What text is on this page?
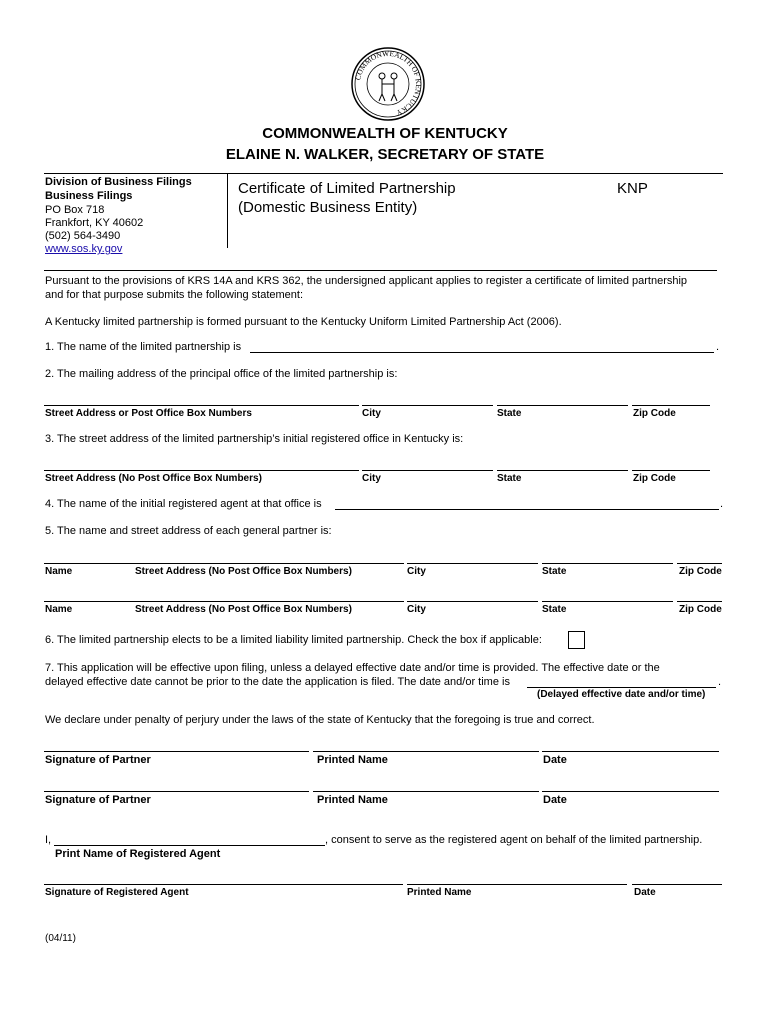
COMMONWEALTH OF KENTUCKY
COMMONWEALTH OF KENTUCKY
ELAINE N. WALKER, SECRETARY OF STATE
Division of Business Filings
Business Filings
PO Box 718
Frankfort, KY 40602
(502) 564-3490
www.sos.ky.gov
Certificate of Limited Partnership
(Domestic Business Entity)
KNP
Pursuant to the provisions of KRS 14A and KRS 362, the undersigned applicant applies to register a certificate of limited partnership
and for that purpose submits the following statement:
A Kentucky limited partnership is formed pursuant to the Kentucky Uniform Limited Partnership Act (2006).
1. The name of the limited partnership is	.
2. The mailing address of the principal office of the limited partnership is:
Street Address or Post Office Box Numbers	City	State	Zip Code
3. The street address of the limited partnership’s initial registered office in Kentucky is:
Street Address (No Post Office Box Numbers)	City	State	Zip Code
4. The name of the initial registered agent at that office is	.
5. The name and street address of each general partner is:
Name	Street Address (No Post Office Box Numbers)	City	State	Zip Code
Name	Street Address (No Post Office Box Numbers)	City	State	Zip Code
6. The limited partnership elects to be a limited liability limited partnership. Check the box if applicable:
7. This application will be effective upon filing, unless a delayed effective date and/or time is provided. The effective date or the
delayed effective date cannot be prior to the date the application is filed. The date and/or time is	.
(Delayed effective date and/or time)
We declare under penalty of perjury under the laws of the state of Kentucky that the foregoing is true and correct.
Signature of Partner	Printed Name	Date
Signature of Partner	Printed Name	Date
I,	, consent to serve as the registered agent on behalf of the limited partnership.
Print Name of Registered Agent
Signature of Registered Agent	Printed Name	Date
(04/11)
